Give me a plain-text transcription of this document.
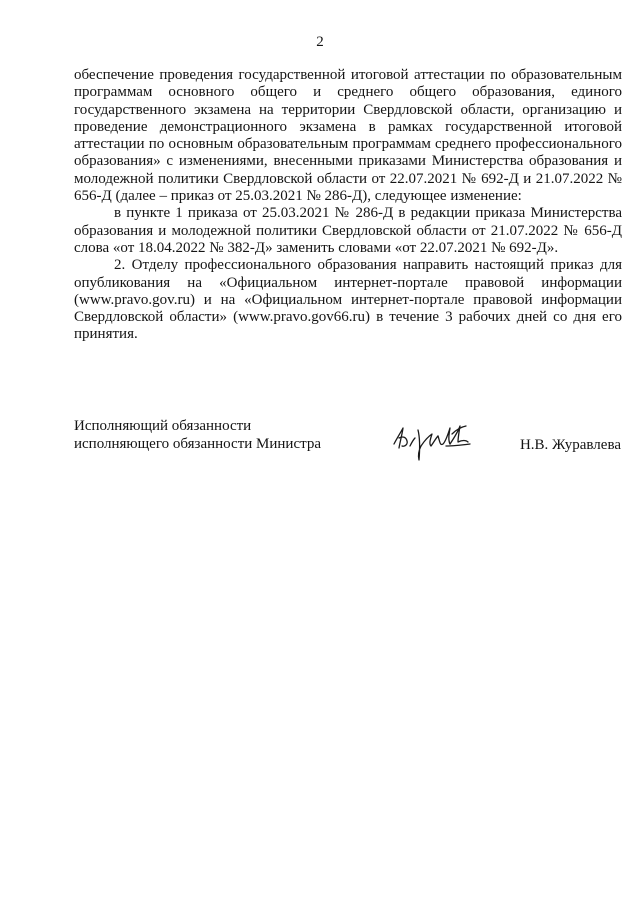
2

обеспечение проведения государственной итоговой аттестации по образовательным программам основного общего и среднего общего образования, единого государственного экзамена на территории Свердловской области, организацию и проведение демонстрационного экзамена в рамках государственной итоговой аттестации по основным образовательным программам среднего профессионального образования» с изменениями, внесенными приказами Министерства образования и молодежной политики Свердловской области от 22.07.2021 № 692-Д и 21.07.2022 № 656-Д (далее – приказ от 25.03.2021 № 286-Д), следующее изменение:

в пункте 1 приказа от 25.03.2021 № 286-Д в редакции приказа Министерства образования и молодежной политики Свердловской области от 21.07.2022 № 656-Д слова «от 18.04.2022 № 382-Д» заменить словами «от 22.07.2021 № 692-Д».

2. Отделу профессионального образования направить настоящий приказ для опубликования на «Официальном интернет-портале правовой информации (www.pravo.gov.ru) и на «Официальном интернет-портале правовой информации Свердловской области» (www.pravo.gov66.ru) в течение 3 рабочих дней со дня его принятия.

Исполняющий обязанности
исполняющего обязанности Министра	Н.В. Журавлева
